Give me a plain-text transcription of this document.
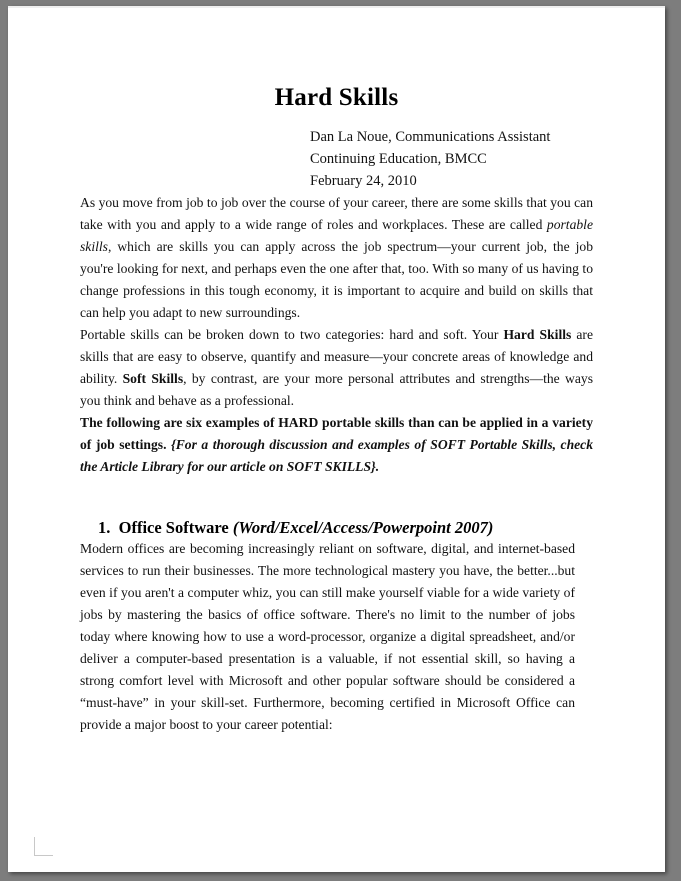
Hard Skills
Dan La Noue, Communications Assistant
Continuing Education, BMCC
February 24, 2010

As you move from job to job over the course of your career, there are some skills that you can take with you and apply to a wide range of roles and workplaces. These are called portable skills, which are skills you can apply across the job spectrum—your current job, the job you're looking for next, and perhaps even the one after that, too. With so many of us having to change professions in this tough economy, it is important to acquire and build on skills that can help you adapt to new surroundings.

Portable skills can be broken down to two categories: hard and soft. Your Hard Skills are skills that are easy to observe, quantify and measure—your concrete areas of knowledge and ability. Soft Skills, by contrast, are your more personal attributes and strengths—the ways you think and behave as a professional.

The following are six examples of HARD portable skills than can be applied in a variety of job settings. {For a thorough discussion and examples of SOFT Portable Skills, check the Article Library for our article on SOFT SKILLS}.

1. Office Software (Word/Excel/Access/Powerpoint 2007)

Modern offices are becoming increasingly reliant on software, digital, and internet-based services to run their businesses. The more technological mastery you have, the better...but even if you aren't a computer whiz, you can still make yourself viable for a wide variety of jobs by mastering the basics of office software. There's no limit to the number of jobs today where knowing how to use a word-processor, organize a digital spreadsheet, and/or deliver a computer-based presentation is a valuable, if not essential skill, so having a strong comfort level with Microsoft and other popular software should be considered a “must-have” in your skill-set. Furthermore, becoming certified in Microsoft Office can provide a major boost to your career potential:
